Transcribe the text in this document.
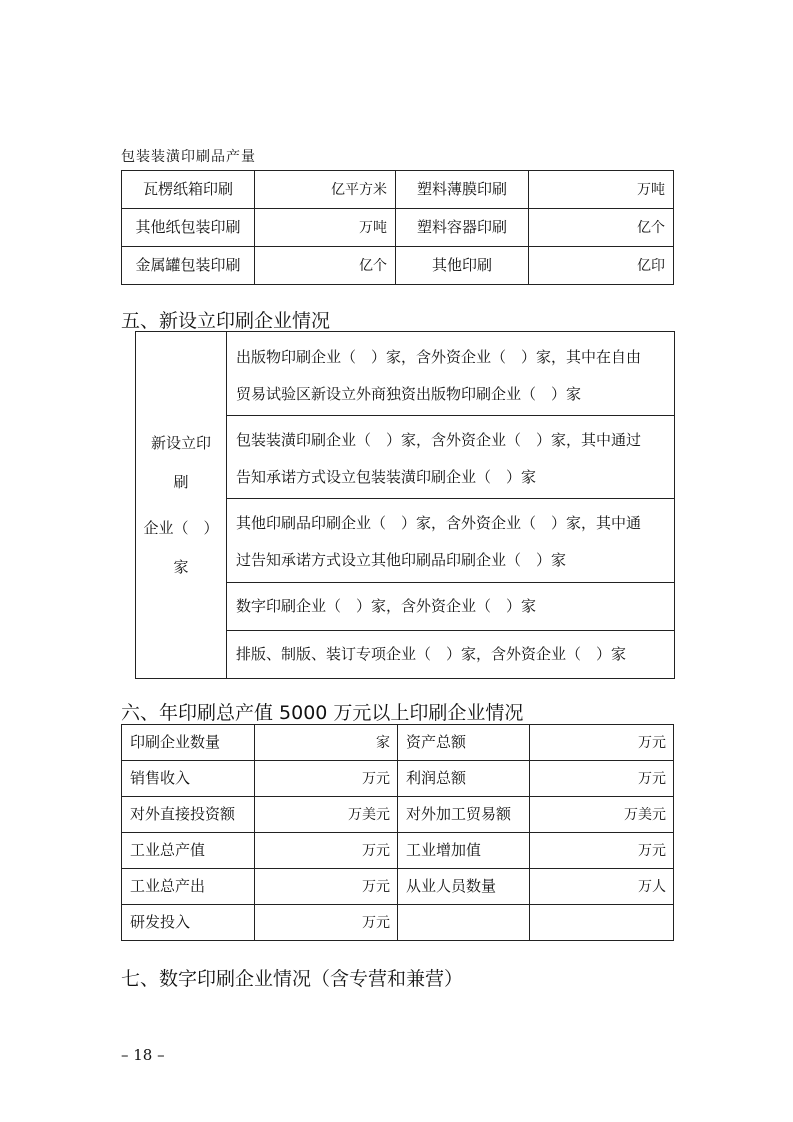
包装装潢印刷品产量
瓦楞纸箱印刷	亿平方米	塑料薄膜印刷	万吨
其他纸包装印刷	万吨	塑料容器印刷	亿个
金属罐包装印刷	亿个	其他印刷	亿印
五、新设立印刷企业情况
新设立印
刷
企业（　）
家

出版物印刷企业（　）家，含外资企业（　）家，其中在自由
贸易试验区新设立外商独资出版物印刷企业（　）家

包装装潢印刷企业（　）家，含外资企业（　）家，其中通过
告知承诺方式设立包装装潢印刷企业（　）家

其他印刷品印刷企业（　）家，含外资企业（　）家，其中通
过告知承诺方式设立其他印刷品印刷企业（　）家

数字印刷企业（　）家，含外资企业（　）家
排版、制版、装订专项企业（　）家，含外资企业（　）家
六、年印刷总产值 5000 万元以上印刷企业情况
印刷企业数量	家	资产总额	万元
销售收入	万元	利润总额	万元
对外直接投资额	万美元	对外加工贸易额	万美元
工业总产值	万元	工业增加值	万元
工业总产出	万元	从业人员数量	万人
研发投入	万元		
七、数字印刷企业情况（含专营和兼营）
– 18 –
